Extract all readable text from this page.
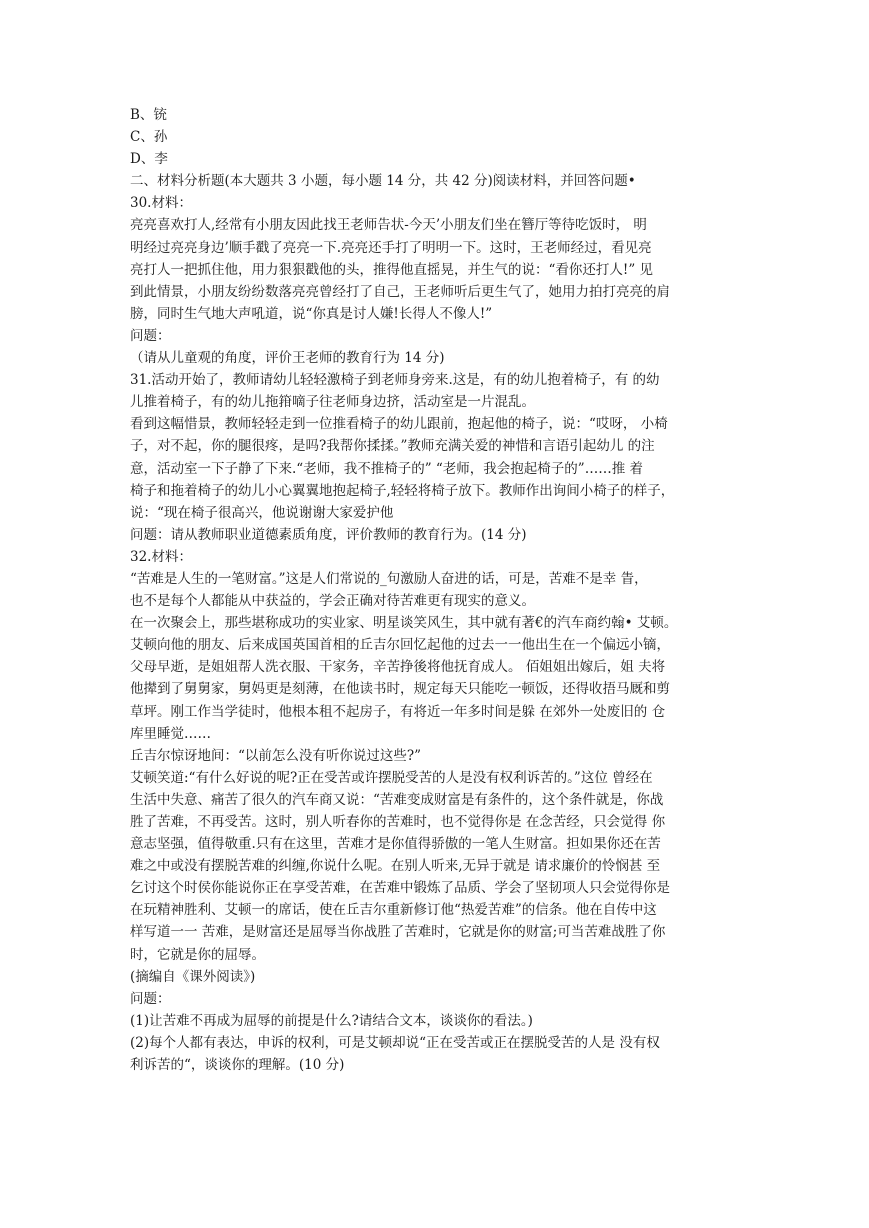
B、铳
C、孙
D、李
二、材料分析题(本大题共 3 小题，每小题 14 分，共 42 分)阅读材料，并回答问题•
30.材料：
亮亮喜欢打人,经常有小朋友因此找王老师告状-今天’小朋友们坐在簪厅等待吃饭时， 明
明经过亮亮身边’顺手戳了亮亮一下.亮亮还手打了明明一下。这时，王老师经过，看见亮
亮打人一把抓住他，用力狠狠戳他的头，推得他直摇晃，并生气的说：“看你还打人!” 见
到此情景，小朋友纷纷数落亮亮曾经打了自己，王老师听后更生气了，她用力拍打亮亮的肩
膀，同时生气地大声吼道，说“你真是讨人嫌!长得人不像人!”
问题：
（请从儿童观的角度，评价王老师的教育行为 14 分)
31.活动开始了，教师请幼儿轻轻激椅子到老师身旁来.这是，有的幼儿抱着椅子，有 的幼
儿推着椅子，有的幼儿拖箝嘀子往老师身边挤，活动室是一片混乱。
看到这幅惜景，教师轻轻走到一位推看椅子的幼儿跟前，抱起他的椅子，说：“哎呀， 小椅
子，对不起，你的腿很疼，是吗?我帮你揉揉。”教师充满关爱的神惜和言语引起幼儿 的注
意，活动室一下子静了下来.“老师，我不推椅子的” “老师，我会抱起椅子的”……推 着
椅子和拖着椅子的幼儿小心翼翼地抱起椅子,轻轻将椅子放下。教师作出询间小椅子的样子，
说：“现在椅子很高兴，他说谢谢大家爱护他
问题：请从教师职业道德素质角度，评价教师的教育行为。(14 分)
32.材料：
“苦难是人生的一笔财富。”这是人们常说的_句激励人奋进的话，可是，苦难不是幸 眚，
也不是每个人都能从中获益的，学会正确对待苦难更有现实的意义。
在一次聚会上，那些堪称成功的实业家、明星谈笑风生，其中就有著€的汽车商约翰• 艾顿。
艾顿向他的朋友、后来成国英国首相的丘吉尔回忆起他的过去一一他出生在一个偏远小镝，
父母早逝，是姐姐帮人洗衣服、干家务，辛苦挣後将他抚育成人。 佰姐姐出嫁后，姐 夫将
他撵到了舅舅家，舅妈更是刻薄，在他读书时，规定每天只能吃一顿饭，还得收捂马厩和剪
草坪。刚工作当学徒时，他根本租不起房子，有将近一年多时间是躲 在郊外一处废旧的 仓
库里睡觉……
丘吉尔惊讶地间：“以前怎么没有听你说过这些?”
艾顿笑道:“有什么好说的呢?正在受苦或许摆脱受苦的人是没有权利诉苦的。”这位 曾经在
生活中失意、痛苦了很久的汽车商又说：“苦难变成财富是有条件的，这个条件就是，你战
胜了苦难，不再受苦。这时，别人听春你的苦难时，也不觉得你是 在念苦经，只会觉得 你
意志坚强，值得敬重.只有在这里，苦难才是你值得骄傲的一笔人生财富。担如果你还在苦
难之中或没有摆脱苦难的纠缠,你说什么呢。在别人听来,无异于就是 请求廉价的怜悯甚 至
乞讨这个时侯你能说你正在享受苦难，在苦难中锻炼了品质、学会了坚韧项人只会觉得你是
在玩精神胜利、艾顿一的席话，使在丘吉尔重新修订他“热爱苦难”的信条。他在自传中这
样写道一一 苦难，是财富还是屈辱当你战胜了苦难时，它就是你的财富;可当苦难战胜了你
时，它就是你的屈辱。
(摘编自《课外阅读》)
问题：
(1)让苦难不再成为屈辱的前提是什么?请结合文本，谈谈你的看法。)
(2)每个人都有表达，申诉的权利，可是艾顿却说“正在受苦或正在摆脱受苦的人是 没有权
利诉苦的“，谈谈你的理解。(10 分)
